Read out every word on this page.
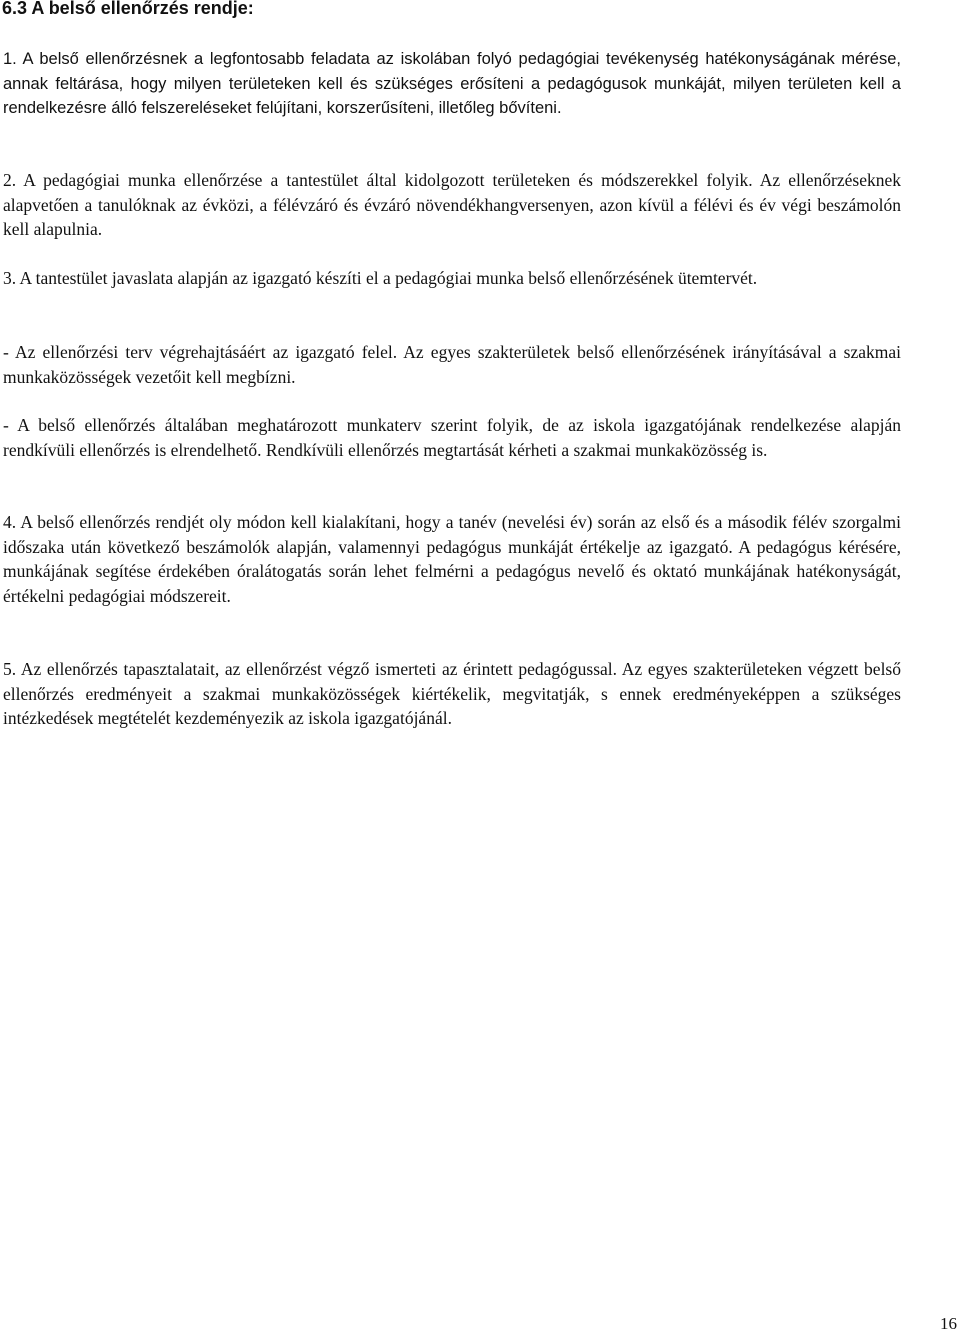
6.3 A belső ellenőrzés rendje:

1. A belső ellenőrzésnek a legfontosabb feladata az iskolában folyó pedagógiai tevékenység hatékonyságának mérése, annak feltárása, hogy milyen területeken kell és szükséges erősíteni a pedagógusok munkáját, milyen területen kell a rendelkezésre álló felszereléseket felújítani, korszerűsíteni, illetőleg bővíteni.

2. A pedagógiai munka ellenőrzése a tantestület által kidolgozott területeken és módszerekkel folyik. Az ellenőrzéseknek alapvetően a tanulóknak az évközi, a félévzáró és évzáró növendékhangversenyen, azon kívül a félévi és év végi beszámolón kell alapulnia.

3. A tantestület javaslata alapján az igazgató készíti el a pedagógiai munka belső ellenőrzésének ütemtervét.

- Az ellenőrzési terv végrehajtásáért az igazgató felel. Az egyes szakterületek belső ellenőrzésének irányításával a szakmai munkaközösségek vezetőit kell megbízni.

- A belső ellenőrzés általában meghatározott munkaterv szerint folyik, de az iskola igazgatójának rendelkezése alapján rendkívüli ellenőrzés is elrendelhető. Rendkívüli ellenőrzés megtartását kérheti a szakmai munkaközösség is.

4. A belső ellenőrzés rendjét oly módon kell kialakítani, hogy a tanév (nevelési év) során az első és a második félév szorgalmi időszaka után következő beszámolók alapján, valamennyi pedagógus munkáját értékelje az igazgató. A pedagógus kérésére, munkájának segítése érdekében óralátogatás során lehet felmérni a pedagógus nevelő és oktató munkájának hatékonyságát, értékelni pedagógiai módszereit.

5. Az ellenőrzés tapasztalatait, az ellenőrzést végző ismerteti az érintett pedagógussal. Az egyes szakterületeken végzett belső ellenőrzés eredményeit a szakmai munkaközösségek kiértékelik, megvitatják, s ennek eredményeképpen a szükséges intézkedések megtételét kezdeményezik az iskola igazgatójánál.

16
